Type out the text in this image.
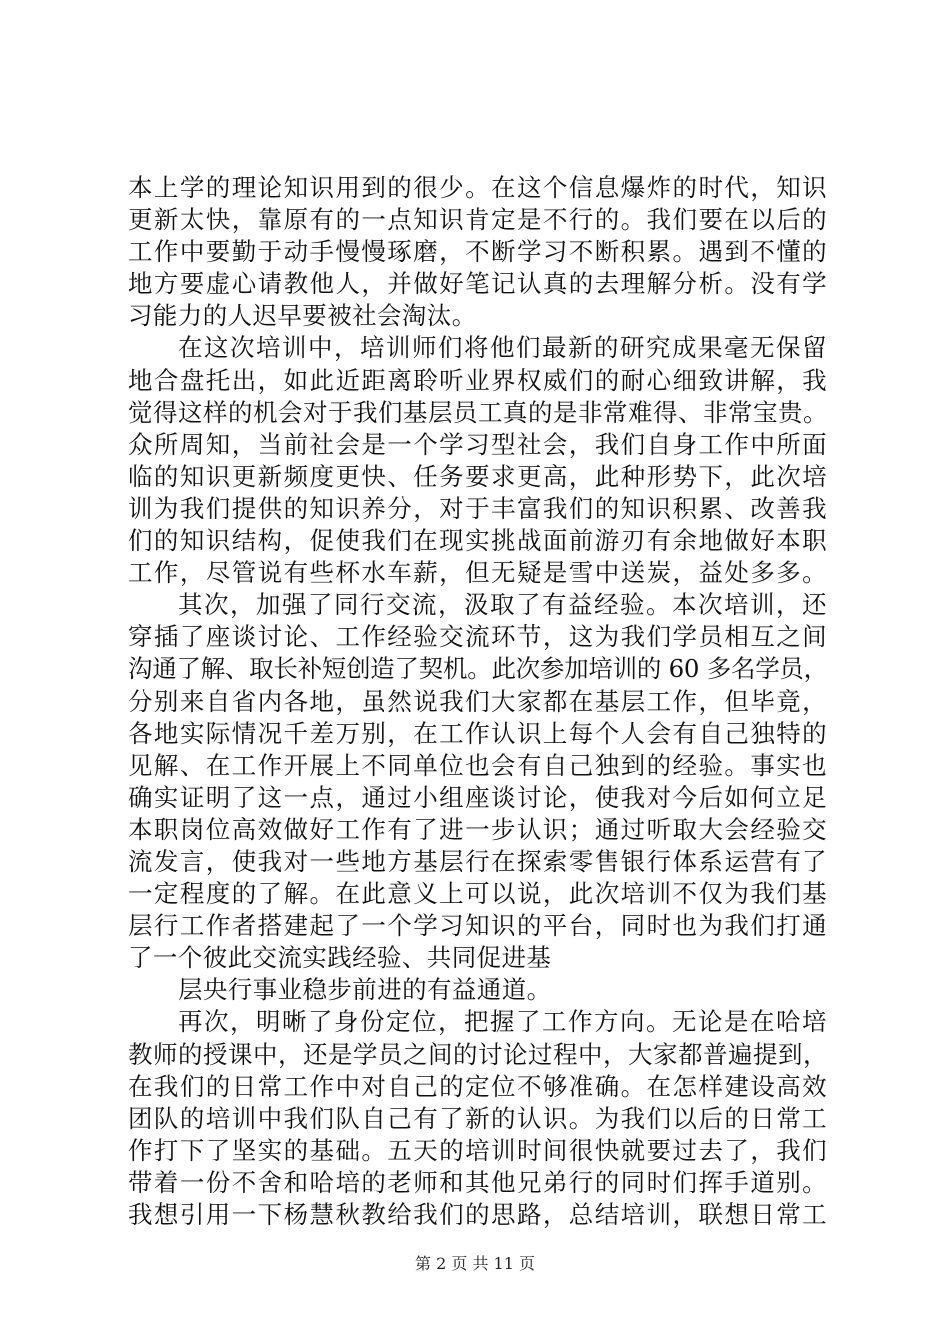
本上学的理论知识用到的很少。在这个信息爆炸的时代，知识
更新太快，靠原有的一点知识肯定是不行的。我们要在以后的
工作中要勤于动手慢慢琢磨，不断学习不断积累。遇到不懂的
地方要虚心请教他人，并做好笔记认真的去理解分析。没有学
习能力的人迟早要被社会淘汰。
在这次培训中，培训师们将他们最新的研究成果毫无保留
地合盘托出，如此近距离聆听业界权威们的耐心细致讲解，我
觉得这样的机会对于我们基层员工真的是非常难得、非常宝贵。
众所周知，当前社会是一个学习型社会，我们自身工作中所面
临的知识更新频度更快、任务要求更高，此种形势下，此次培
训为我们提供的知识养分，对于丰富我们的知识积累、改善我
们的知识结构，促使我们在现实挑战面前游刃有余地做好本职
工作，尽管说有些杯水车薪，但无疑是雪中送炭，益处多多。
其次，加强了同行交流，汲取了有益经验。本次培训，还
穿插了座谈讨论、工作经验交流环节，这为我们学员相互之间
沟通了解、取长补短创造了契机。此次参加培训的 60 多名学员，
分别来自省内各地，虽然说我们大家都在基层工作，但毕竟，
各地实际情况千差万别，在工作认识上每个人会有自己独特的
见解、在工作开展上不同单位也会有自己独到的经验。事实也
确实证明了这一点，通过小组座谈讨论，使我对今后如何立足
本职岗位高效做好工作有了进一步认识；通过听取大会经验交
流发言，使我对一些地方基层行在探索零售银行体系运营有了
一定程度的了解。在此意义上可以说，此次培训不仅为我们基
层行工作者搭建起了一个学习知识的平台，同时也为我们打通
了一个彼此交流实践经验、共同促进基
层央行事业稳步前进的有益通道。
再次，明晰了身份定位，把握了工作方向。无论是在哈培
教师的授课中，还是学员之间的讨论过程中，大家都普遍提到，
在我们的日常工作中对自己的定位不够准确。在怎样建设高效
团队的培训中我们队自己有了新的认识。为我们以后的日常工
作打下了坚实的基础。五天的培训时间很快就要过去了，我们
带着一份不舍和哈培的老师和其他兄弟行的同时们挥手道别。
我想引用一下杨慧秋教给我们的思路，总结培训，联想日常工
第 2 页 共 11 页
